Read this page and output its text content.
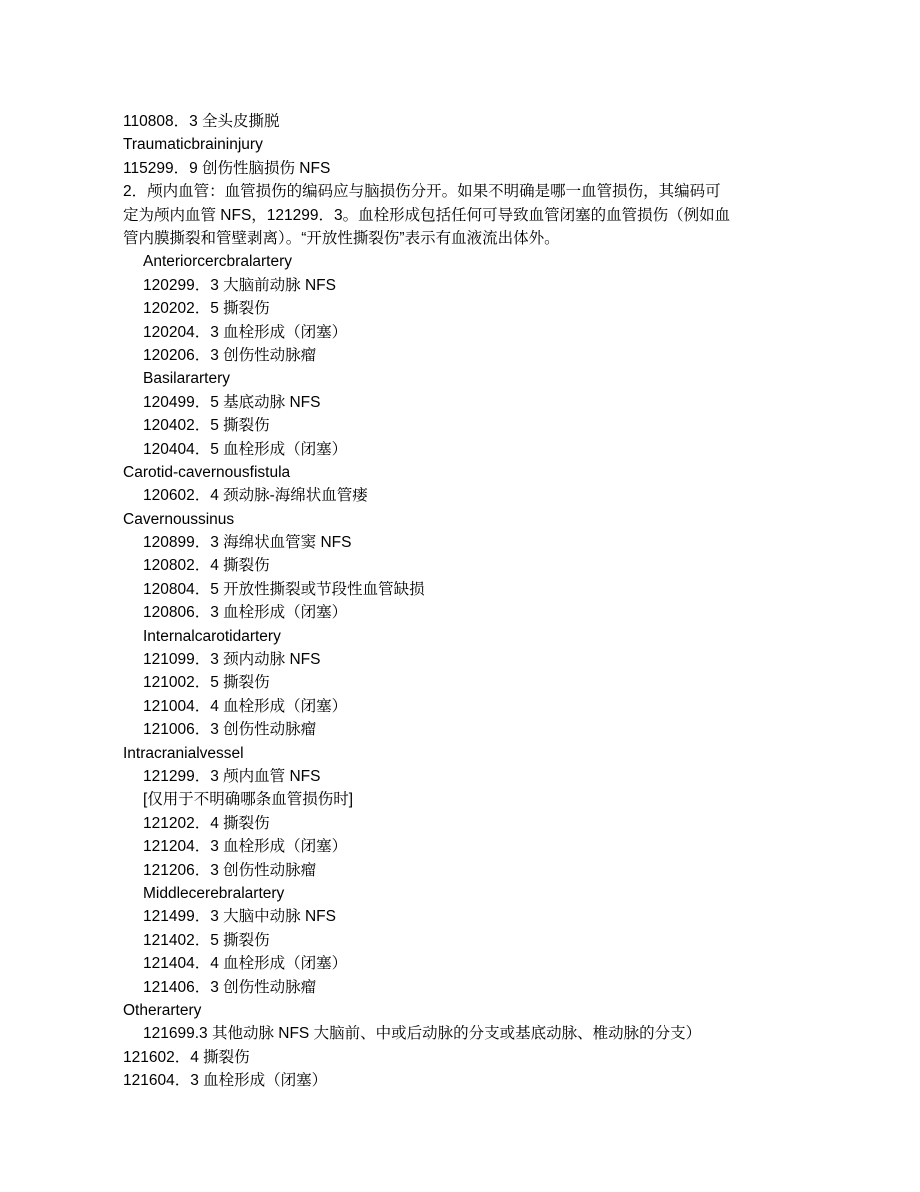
110808．3 全头皮撕脱
Traumaticbraininjury
115299．9 创伤性脑损伤 NFS
2．颅内血管：血管损伤的编码应与脑损伤分开。如果不明确是哪一血管损伤，其编码可定为颅内血管 NFS，121299．3。血栓形成包括任何可导致血管闭塞的血管损伤（例如血管内膜撕裂和管壁剥离）。“开放性撕裂伤”表示有血液流出体外。
Anteriorcercbralartery
120299．3 大脑前动脉 NFS
120202．5 撕裂伤
120204．3 血栓形成（闭塞）
120206．3 创伤性动脉瘤
Basilarartery
120499．5 基底动脉 NFS
120402．5 撕裂伤
120404．5 血栓形成（闭塞）
Carotid-cavernousfistula
120602．4 颈动脉-海绵状血管瘘
Cavernoussinus
120899．3 海绵状血管窦 NFS
120802．4 撕裂伤
120804．5 开放性撕裂或节段性血管缺损
120806．3 血栓形成（闭塞）
Internalcarotidartery
121099．3 颈内动脉 NFS
121002．5 撕裂伤
121004．4 血栓形成（闭塞）
121006．3 创伤性动脉瘤
Intracranialvessel
121299．3 颅内血管 NFS
[仅用于不明确哪条血管损伤时]
121202．4 撕裂伤
121204．3 血栓形成（闭塞）
121206．3 创伤性动脉瘤
Middlecerebralartery
121499．3 大脑中动脉 NFS
121402．5 撕裂伤
121404．4 血栓形成（闭塞）
121406．3 创伤性动脉瘤
Otherartery
121699.3 其他动脉 NFS 大脑前、中或后动脉的分支或基底动脉、椎动脉的分支）
121602．4 撕裂伤
121604．3 血栓形成（闭塞）
